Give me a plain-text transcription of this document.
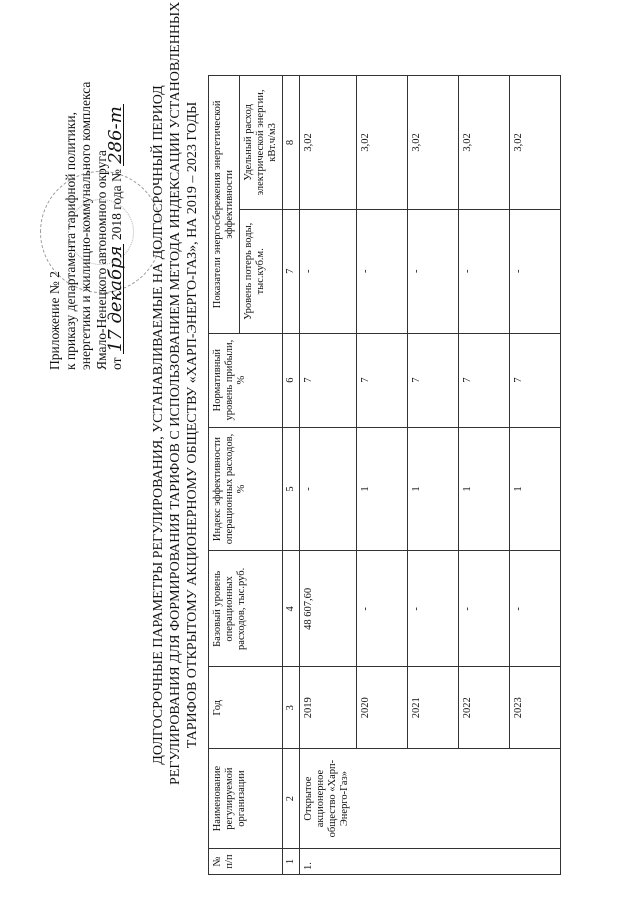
Приложение № 2 к приказу департамента тарифной политики, энергетики и жилищно-коммунального комплекса Ямало-Ненецкого автономного округа от 17 декабря 2018 года № 286-т ДОЛГОСРОЧНЫЕ ПАРАМЕТРЫ РЕГУЛИРОВАНИЯ, УСТАНАВЛИВАЕМЫЕ НА ДОЛГОСРОЧНЫЙ ПЕРИОД РЕГУЛИРОВАНИЯ ДЛЯ ФОРМИРОВАНИЯ ТАРИФОВ С ИСПОЛЬЗОВАНИЕМ МЕТОДА ИНДЕКСАЦИИ УСТАНОВЛЕННЫХ ТАРИФОВ ОТКРЫТОМУ АКЦИОНЕРНОМУ ОБЩЕСТВУ «ХАРП-ЭНЕРГО-ГАЗ», НА 2019 – 2023 ГОДЫ
№ п/п	Наименование регулируемой организации	Год	Базовый уровень операционных расходов, тыс.руб.	Индекс эффективности операционных расходов, %	Нормативный уровень прибыли, %	Показатели энергосбережения энергетической эффективности	
						Уровень потерь воды, тыс.куб.м.	Удельный расход электрической энергии, кВт.ч/м3
1	2	3	4	5	6	7	8
1.	Открытое акционерное общество «Харп-Энерго-Газ»	2019	48 607,60	-	7	-	3,02
		2020	-	1	7	-	3,02
		2021	-	1	7	-	3,02
		2022	-	1	7	-	3,02
		2023	-	1	7	-	3,02
